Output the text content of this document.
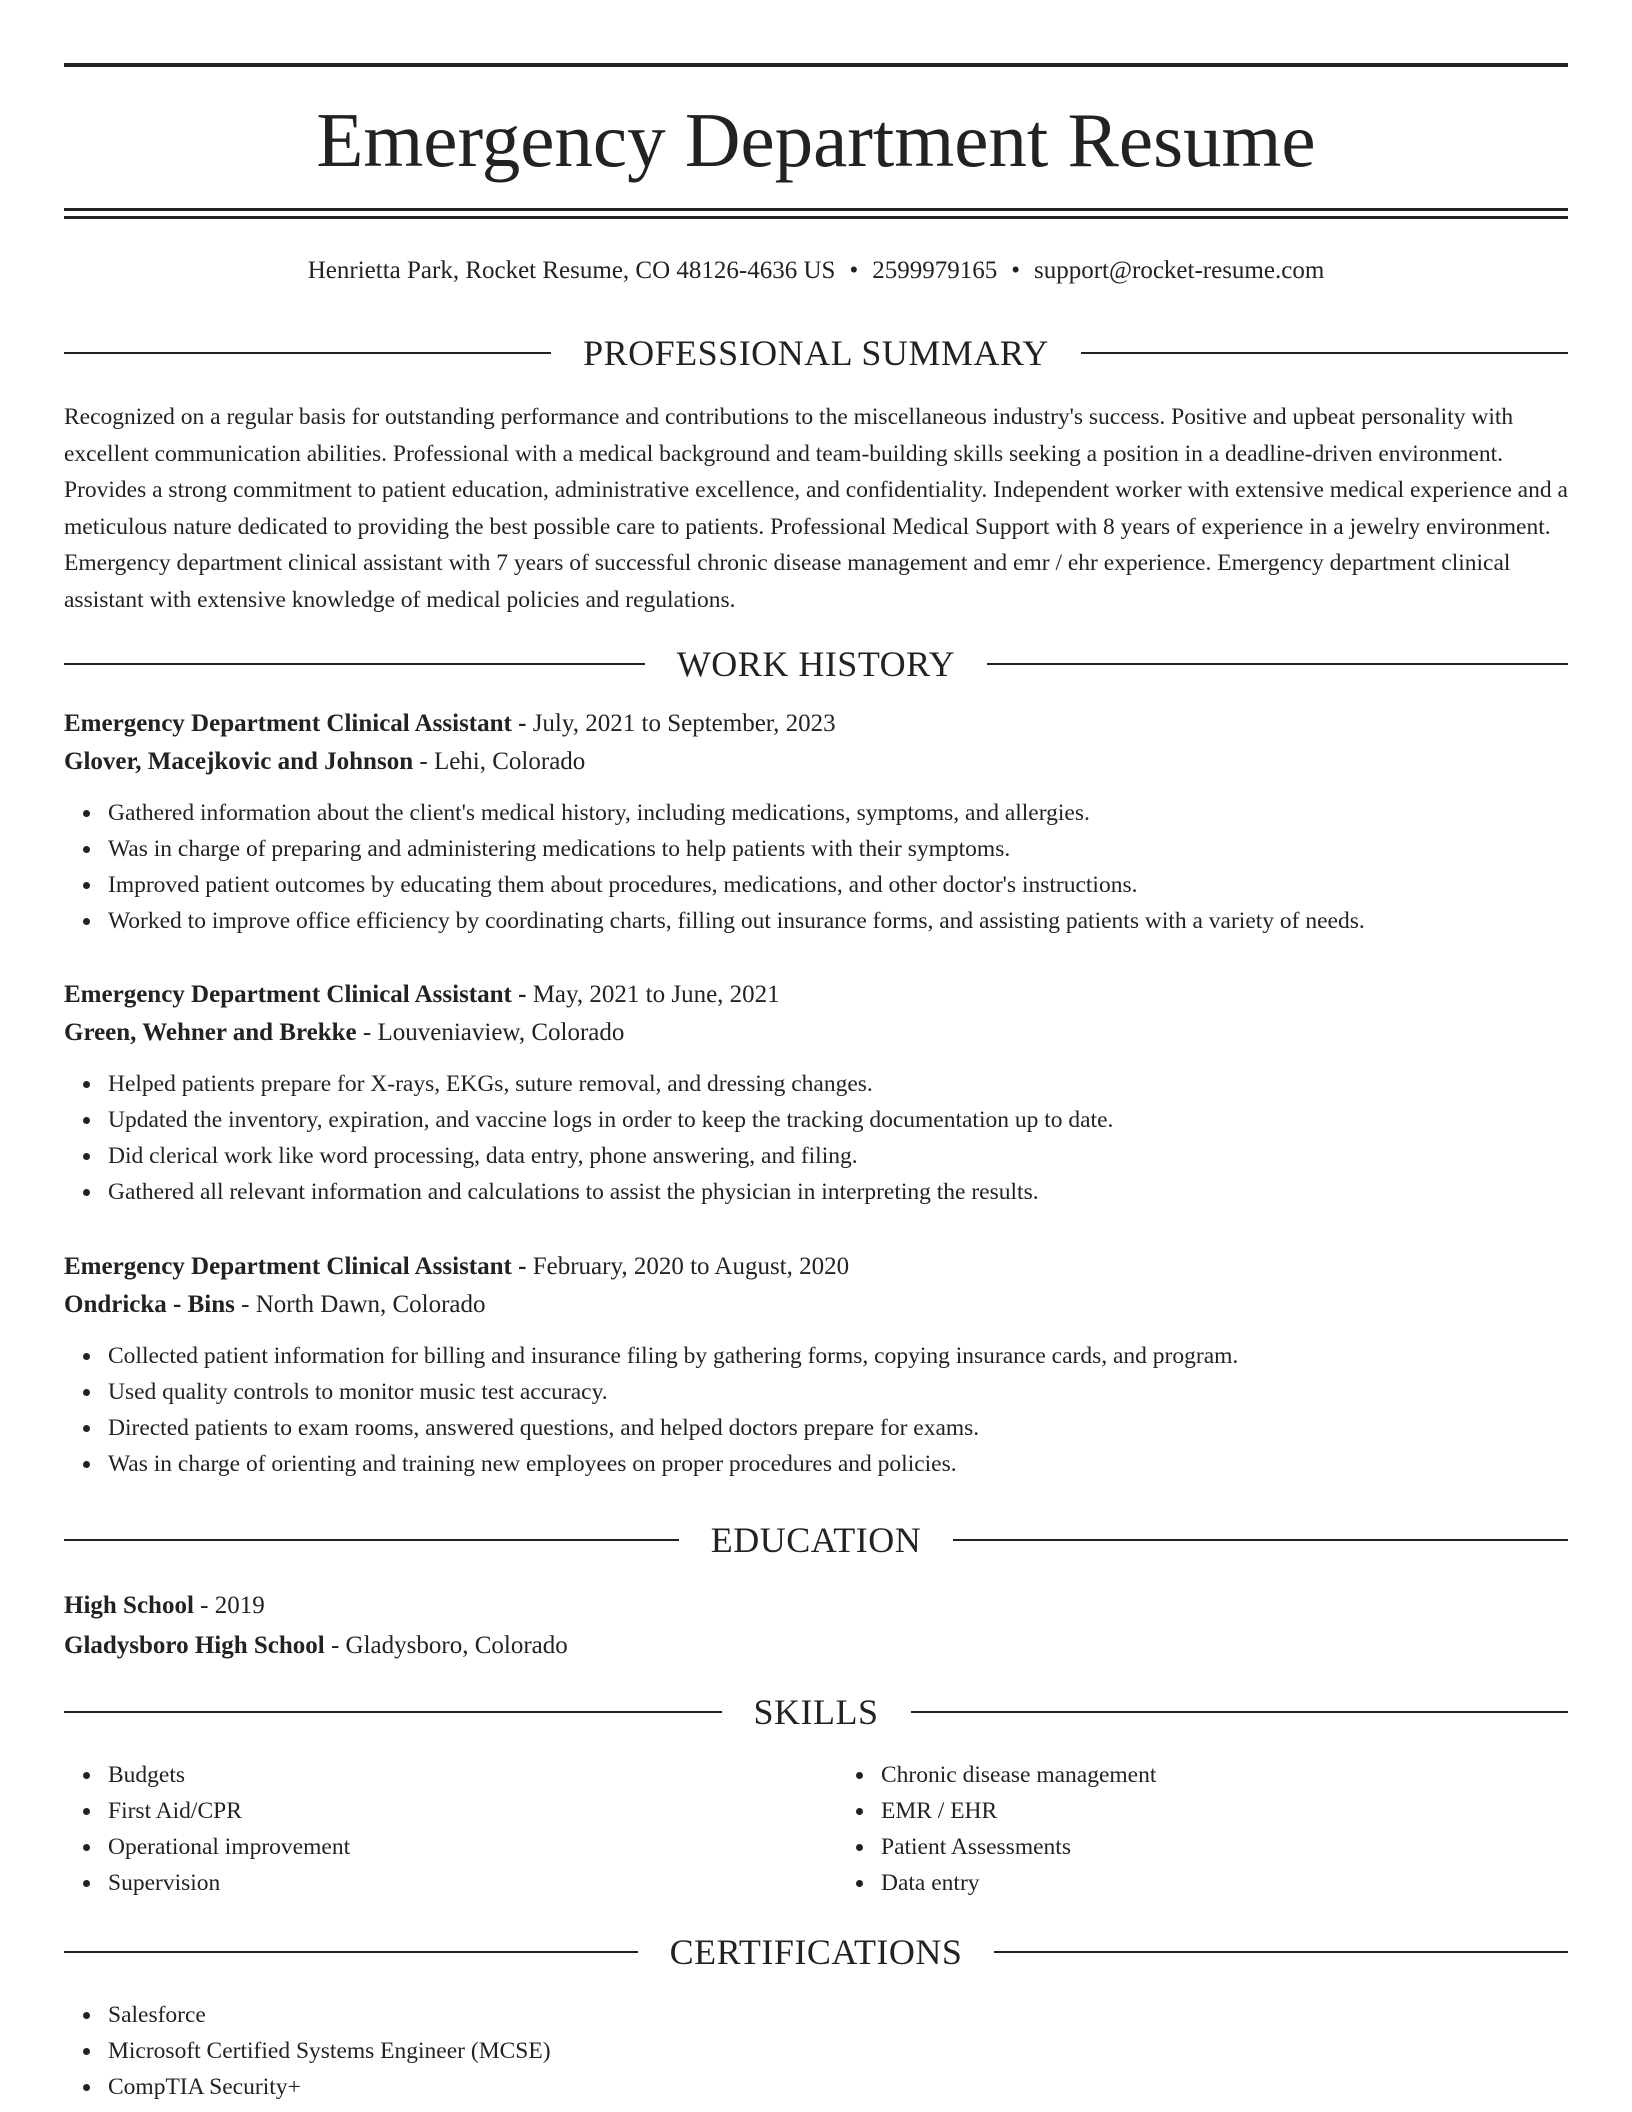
Emergency Department Resume
Henrietta Park, Rocket Resume, CO 48126-4636 US • 2599979165 • support@rocket-resume.com
PROFESSIONAL SUMMARY

Recognized on a regular basis for outstanding performance and contributions to the miscellaneous industry's success. Positive and upbeat personality with excellent communication abilities. Professional with a medical background and team-building skills seeking a position in a deadline-driven environment. Provides a strong commitment to patient education, administrative excellence, and confidentiality. Independent worker with extensive medical experience and a meticulous nature dedicated to providing the best possible care to patients. Professional Medical Support with 8 years of experience in a jewelry environment. Emergency department clinical assistant with 7 years of successful chronic disease management and emr / ehr experience. Emergency department clinical assistant with extensive knowledge of medical policies and regulations.

WORK HISTORY
Emergency Department Clinical Assistant - July, 2021 to September, 2023
Glover, Macejkovic and Johnson - Lehi, Colorado
Gathered information about the client's medical history, including medications, symptoms, and allergies.
Was in charge of preparing and administering medications to help patients with their symptoms.
Improved patient outcomes by educating them about procedures, medications, and other doctor's instructions.
Worked to improve office efficiency by coordinating charts, filling out insurance forms, and assisting patients with a variety of needs.
Emergency Department Clinical Assistant - May, 2021 to June, 2021
Green, Wehner and Brekke - Louveniaview, Colorado
Helped patients prepare for X-rays, EKGs, suture removal, and dressing changes.
Updated the inventory, expiration, and vaccine logs in order to keep the tracking documentation up to date.
Did clerical work like word processing, data entry, phone answering, and filing.
Gathered all relevant information and calculations to assist the physician in interpreting the results.
Emergency Department Clinical Assistant - February, 2020 to August, 2020
Ondricka - Bins - North Dawn, Colorado
Collected patient information for billing and insurance filing by gathering forms, copying insurance cards, and program.
Used quality controls to monitor music test accuracy.
Directed patients to exam rooms, answered questions, and helped doctors prepare for exams.
Was in charge of orienting and training new employees on proper procedures and policies.
EDUCATION
High School - 2019
Gladysboro High School - Gladysboro, Colorado
SKILLS
Budgets
First Aid/CPR
Operational improvement
Supervision
Chronic disease management
EMR / EHR
Patient Assessments
Data entry
CERTIFICATIONS
Salesforce
Microsoft Certified Systems Engineer (MCSE)
CompTIA Security+
